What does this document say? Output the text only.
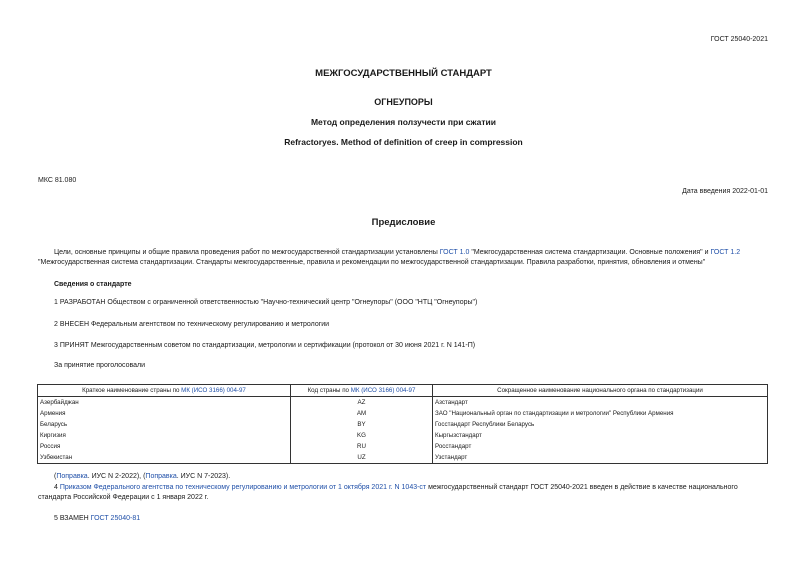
ГОСТ 25040-2021
МЕЖГОСУДАРСТВЕННЫЙ СТАНДАРТ
ОГНЕУПОРЫ
Метод определения ползучести при сжатии
Refractoryes. Method of definition of creep in compression
МКС 81.080
Дата введения 2022-01-01
Предисловие

Цели, основные принципы и общие правила проведения работ по межгосударственной стандартизации установлены ГОСТ 1.0 "Межгосударственная система стандартизации. Основные положения" и ГОСТ 1.2 "Межгосударственная система стандартизации. Стандарты межгосударственные, правила и рекомендации по межгосударственной стандартизации. Правила разработки, принятия, обновления и отмены"

Сведения о стандарте
1 РАЗРАБОТАН Обществом с ограниченной ответственностью "Научно-технический центр "Огнеупоры" (ООО "НТЦ "Огнеупоры")
2 ВНЕСЕН Федеральным агентством по техническому регулированию и метрологии
3 ПРИНЯТ Межгосударственным советом по стандартизации, метрологии и сертификации (протокол от 30 июня 2021 г. N 141-П)
За принятие проголосовали
Краткое наименование страны по МК (ИСО 3166) 004-97	Код страны по МК (ИСО 3166) 004-97	Сокращенное наименование национального органа по стандартизации
Азербайджан	AZ	Азстандарт
Армения	AM	ЗАО "Национальный орган по стандартизации и метрологии" Республики Армения
Беларусь	BY	Госстандарт Республики Беларусь
Киргизия	KG	Кыргызстандарт
Россия	RU	Росстандарт
Узбекистан	UZ	Узстандарт
(Поправка. ИУС N 2-2022), (Поправка. ИУС N 7-2023).

4 Приказом Федерального агентства по техническому регулированию и метрологии от 1 октября 2021 г. N 1043-ст межгосударственный стандарт ГОСТ 25040-2021 введен в действие в качестве национального стандарта Российской Федерации с 1 января 2022 г.

5 ВЗАМЕН ГОСТ 25040-81
